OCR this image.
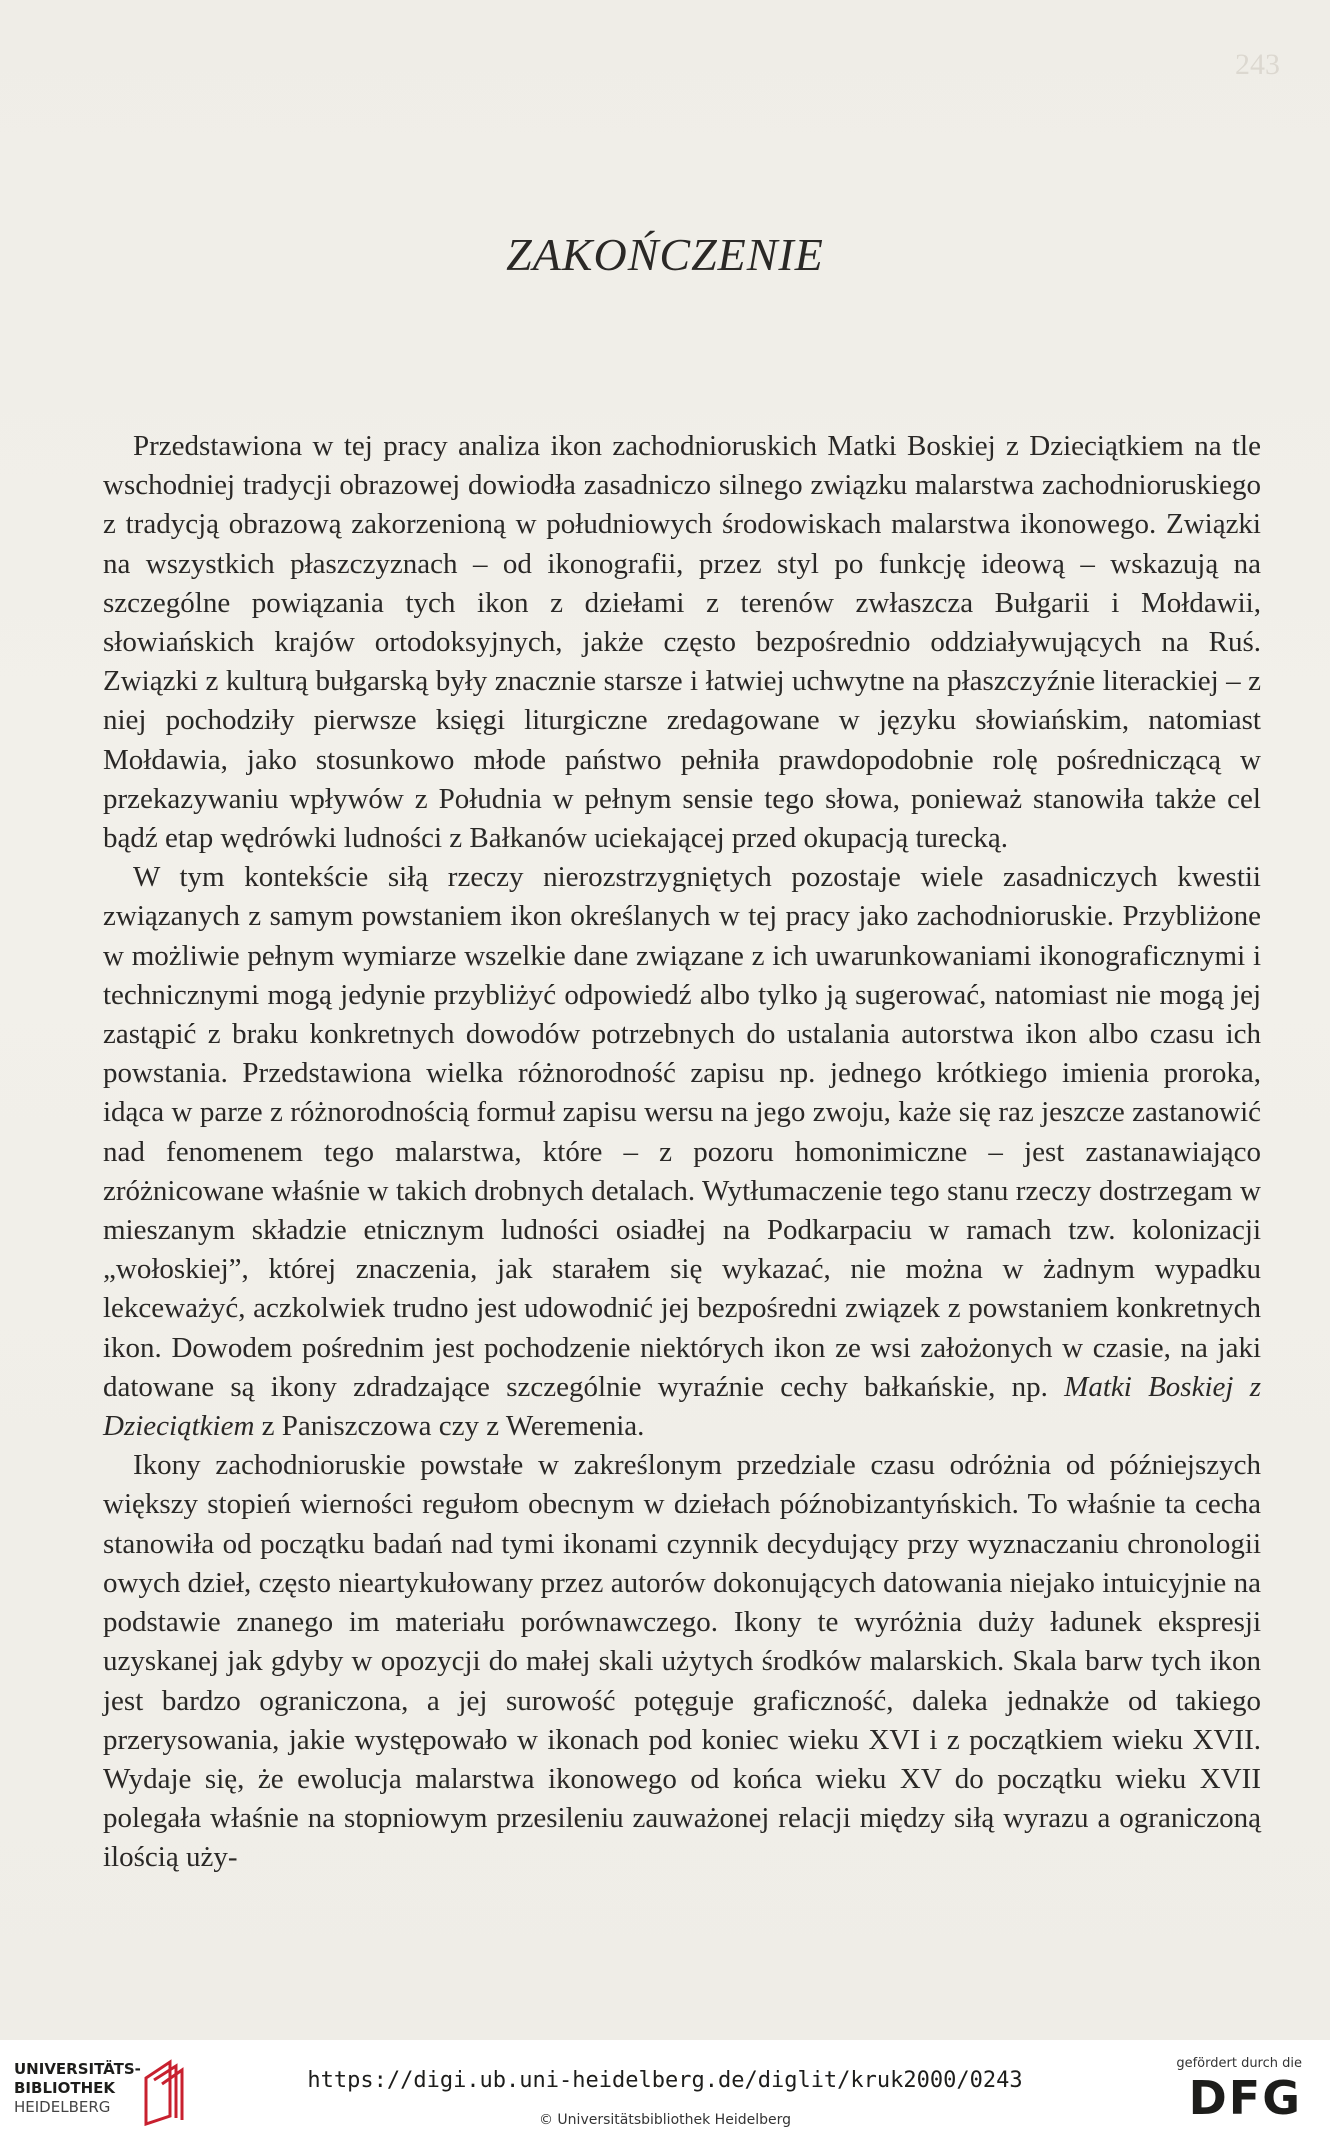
243
ZAKOŃCZENIE

Przedstawiona w tej pracy analiza ikon zachodnioruskich Matki Boskiej z Dzieciątkiem na tle wschodniej tradycji obrazowej dowiodła zasadniczo silnego związku malarstwa zachodnioruskiego z tradycją obrazową zakorzenioną w południowych środowiskach malarstwa ikonowego. Związki na wszystkich płaszczyznach – od ikonografii, przez styl po funkcję ideową – wskazują na szczególne powiązania tych ikon z dziełami z terenów zwłaszcza Bułgarii i Mołdawii, słowiańskich krajów ortodoksyjnych, jakże często bezpośrednio oddziaływujących na Ruś. Związki z kulturą bułgarską były znacznie starsze i łatwiej uchwytne na płaszczyźnie literackiej – z niej pochodziły pierwsze księgi liturgiczne zredagowane w języku słowiańskim, natomiast Mołdawia, jako stosunkowo młode państwo pełniła prawdopodobnie rolę pośredniczącą w przekazywaniu wpływów z Południa w pełnym sensie tego słowa, ponieważ stanowiła także cel bądź etap wędrówki ludności z Bałkanów uciekającej przed okupacją turecką.

W tym kontekście siłą rzeczy nierozstrzygniętych pozostaje wiele zasadniczych kwestii związanych z samym powstaniem ikon określanych w tej pracy jako zachodnioruskie. Przybliżone w możliwie pełnym wymiarze wszelkie dane związane z ich uwarunkowaniami ikonograficznymi i technicznymi mogą jedynie przybliżyć odpowiedź albo tylko ją sugerować, natomiast nie mogą jej zastąpić z braku konkretnych dowodów potrzebnych do ustalania autorstwa ikon albo czasu ich powstania. Przedstawiona wielka różnorodność zapisu np. jednego krótkiego imienia proroka, idąca w parze z różnorodnością formuł zapisu wersu na jego zwoju, każe się raz jeszcze zastanowić nad fenomenem tego malarstwa, które – z pozoru homonimiczne – jest zastanawiająco zróżnicowane właśnie w takich drobnych detalach. Wytłumaczenie tego stanu rzeczy dostrzegam w mieszanym składzie etnicznym ludności osiadłej na Podkarpaciu w ramach tzw. kolonizacji „wołoskiej”, której znaczenia, jak starałem się wykazać, nie można w żadnym wypadku lekceważyć, aczkolwiek trudno jest udowodnić jej bezpośredni związek z powstaniem konkretnych ikon. Dowodem pośrednim jest pochodzenie niektórych ikon ze wsi założonych w czasie, na jaki datowane są ikony zdradzające szczególnie wyraźnie cechy bałkańskie, np. Matki Boskiej z Dzieciątkiem z Paniszczowa czy z Weremenia.

Ikony zachodnioruskie powstałe w zakreślonym przedziale czasu odróżnia od późniejszych większy stopień wierności regułom obecnym w dziełach późnobizantyńskich. To właśnie ta cecha stanowiła od początku badań nad tymi ikonami czynnik decydujący przy wyznaczaniu chronologii owych dzieł, często nieartykułowany przez autorów dokonujących datowania niejako intuicyjnie na podstawie znanego im materiału porównawczego. Ikony te wyróżnia duży ładunek ekspresji uzyskanej jak gdyby w opozycji do małej skali użytych środków malarskich. Skala barw tych ikon jest bardzo ograniczona, a jej surowość potęguje graficzność, daleka jednakże od takiego przerysowania, jakie występowało w ikonach pod koniec wieku XVI i z początkiem wieku XVII. Wydaje się, że ewolucja malarstwa ikonowego od końca wieku XV do początku wieku XVII polegała właśnie na stopniowym przesileniu zauważonej relacji między siłą wyrazu a ograniczoną ilością uży-

UNIVERSITÄTS-
BIBLIOTHEK
HEIDELBERG
https://digi.ub.uni-heidelberg.de/diglit/kruk2000/0243
© Universitätsbibliothek Heidelberg
gefördert durch die
DFG
